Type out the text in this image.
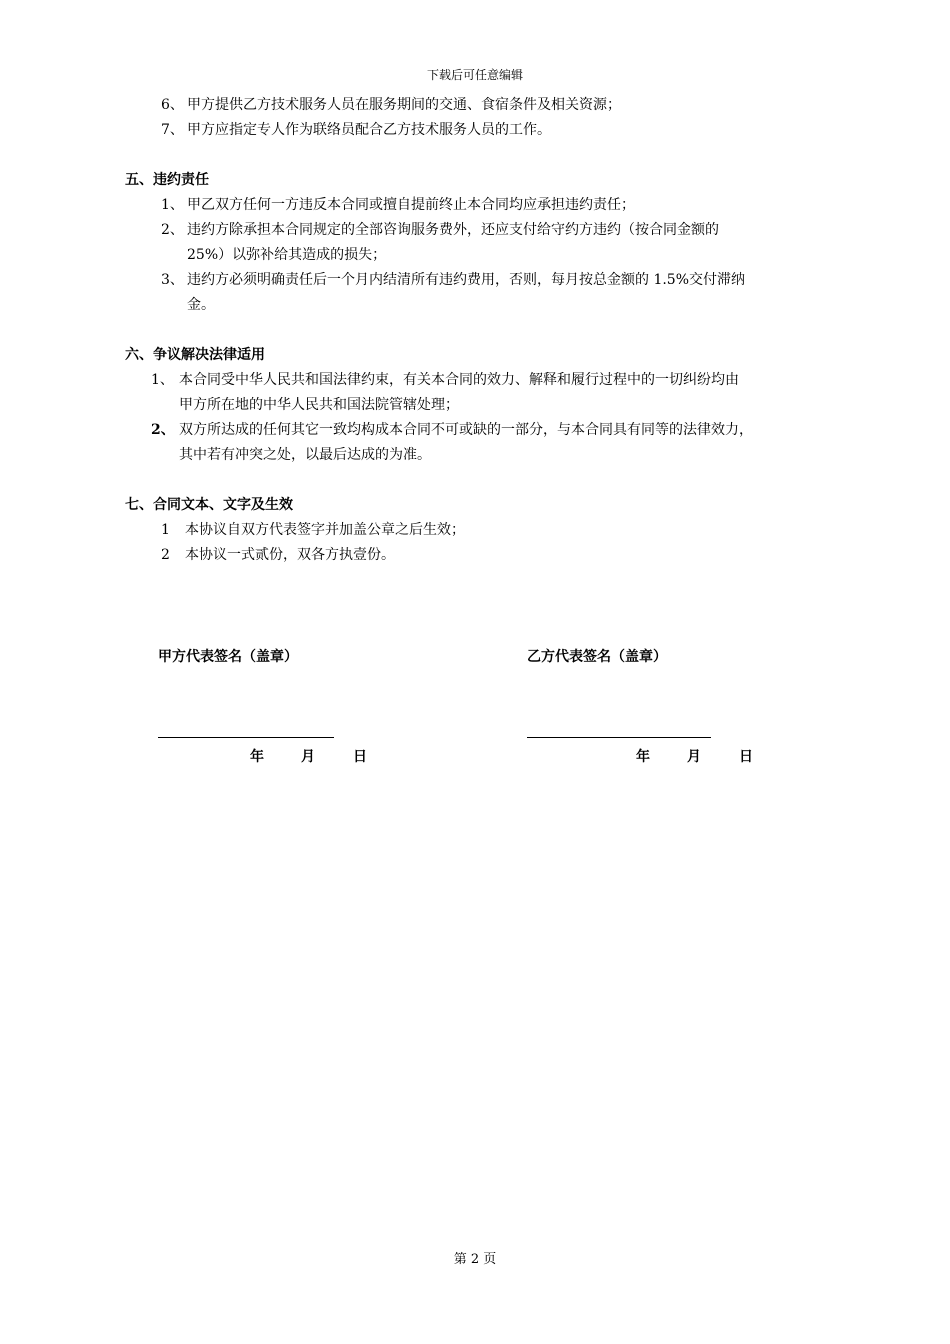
下载后可任意编辑
6、 甲方提供乙方技术服务人员在服务期间的交通、食宿条件及相关资源；
7、 甲方应指定专人作为联络员配合乙方技术服务人员的工作。
五、违约责任
1、 甲乙双方任何一方违反本合同或擅自提前终止本合同均应承担违约责任；
2、 违约方除承担本合同规定的全部咨询服务费外，还应支付给守约方违约（按合同金额的
25%）以弥补给其造成的损失；
3、 违约方必须明确责任后一个月内结清所有违约费用，否则，每月按总金额的 1.5%交付滞纳
金。
六、争议解决法律适用
1、 本合同受中华人民共和国法律约束，有关本合同的效力、解释和履行过程中的一切纠纷均由
甲方所在地的中华人民共和国法院管辖处理；
2、 双方所达成的任何其它一致均构成本合同不可或缺的一部分，与本合同具有同等的法律效力，
其中若有冲突之处，以最后达成的为准。
七、合同文本、文字及生效
1 本协议自双方代表签字并加盖公章之后生效；
2 本协议一式贰份，双各方执壹份。
甲方代表签名（盖章）	乙方代表签名（盖章）
年	月	日	年	月	日
第 2 页
